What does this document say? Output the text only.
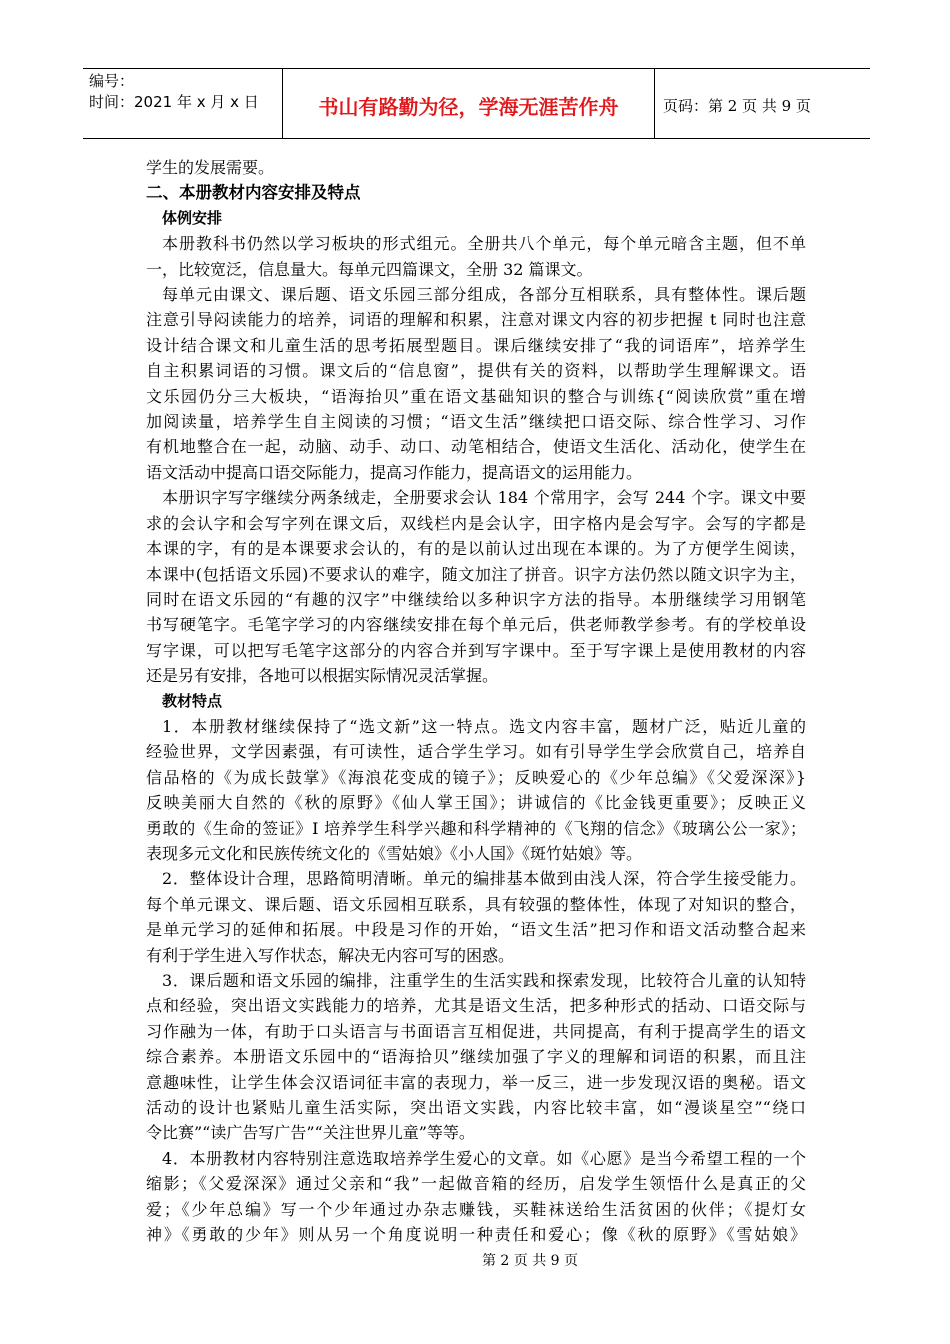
编号：
时间：2021 年 x 月 x 日	书山有路勤为径，学海无涯苦作舟	页码：第 2 页 共 9 页
学生的发展需要。
二、本册教材内容安排及特点
体例安排
本册教科书仍然以学习板块的形式组元。全册共八个单元，每个单元暗含主题，但不单
一，比较宽泛，信息量大。每单元四篇课文，全册 32 篇课文。
每单元由课文、课后题、语文乐园三部分组成，各部分互相联系，具有整体性。课后题
注意引导闷读能力的培养，词语的理解和积累，注意对课文内容的初步把握 t 同时也注意
设计结合课文和儿童生活的思考拓展型题目。课后继续安排了“我的词语库”，培养学生
自主积累词语的习惯。课文后的“信息窗”，提供有关的资料，以帮助学生理解课文。语
文乐园仍分三大板块，“语海抬贝”重在语文基础知识的整合与训练{“阅读欣赏”重在增
加阅读量，培养学生自主阅读的习惯；“语文生活”继续把口语交际、综合性学习、习作
有机地整合在一起，动脑、动手、动口、动笔相结合，使语文生活化、活动化，使学生在
语文活动中提高口语交际能力，提高习作能力，提高语文的运用能力。
本册识字写字继续分两条绒走，全册要求会认 184 个常用字，会写 244 个字。课文中要
求的会认字和会写字列在课文后，双线栏内是会认字，田字格内是会写字。会写的字都是
本课的字，有的是本课要求会认的，有的是以前认过出现在本课的。为了方便学生阅读，
本课中(包括语文乐园)不要求认的难字，随文加注了拼音。识字方法仍然以随文识字为主，
同时在语文乐园的“有趣的汉字”中继续给以多种识字方法的指导。本册继续学习用钢笔
书写硬笔字。毛笔字学习的内容继续安排在每个单元后，供老师教学参考。有的学校单设
写字课，可以把写毛笔字这部分的内容合并到写字课中。至于写字课上是使用教材的内容
还是另有安排，各地可以根据实际情况灵活掌握。
教材特点
1．本册教材继续保持了“选文新”这一特点。选文内容丰富，题材广泛，贴近儿童的
经验世界，文学因素强，有可读性，适合学生学习。如有引导学生学会欣赏自己，培养自
信品格的《为成长鼓掌》《海浪花变成的镜子》；反映爱心的《少年总编》《父爱深深》}
反映美丽大自然的《秋的原野》《仙人掌王国》；讲诚信的《比金钱更重要》；反映正义
勇敢的《生命的签证》I 培养学生科学兴趣和科学精神的《飞翔的信念》《玻璃公公一家》；
表现多元文化和民族传统文化的《雪姑娘》《小人国》《斑竹姑娘》等。
2．整体设计合理，思路简明清晰。单元的编排基本做到由浅人深，符合学生接受能力。
每个单元课文、课后题、语文乐园相互联系，具有较强的整体性，体现了对知识的整合，
是单元学习的延伸和拓展。中段是习作的开始，“语文生活”把习作和语文活动整合起来
有利于学生进入写作状态，解决无内容可写的困惑。
3．课后题和语文乐园的编排，注重学生的生活实践和探索发现，比较符合儿童的认知特
点和经验，突出语文实践能力的培养，尤其是语文生活，把多种形式的括动、口语交际与
习作融为一体，有助于口头语言与书面语言互相促进，共同提高，有利于提高学生的语文
综合素养。本册语文乐园中的“语海拾贝”继续加强了字义的理解和词语的积累，而且注
意趣味性，让学生体会汉语词征丰富的表现力，举一反三，进一步发现汉语的奥秘。语文
活动的设计也紧贴儿童生活实际，突出语文实践，内容比较丰富，如“漫谈星空”“绕口
令比赛”“读广告写广告”“关注世界儿童”等等。
4．本册教材内容特别注意选取培养学生爱心的文章。如《心愿》是当今希望工程的一个
缩影；《父爱深深》通过父亲和“我”一起做音箱的经历，启发学生领悟什么是真正的父
爱；《少年总编》写一个少年通过办杂志赚钱，买鞋袜送给生活贫困的伙伴；《提灯女
神》《勇敢的少年》则从另一个角度说明一种责任和爱心；像《秋的原野》《雪姑娘》
第 2 页 共 9 页
